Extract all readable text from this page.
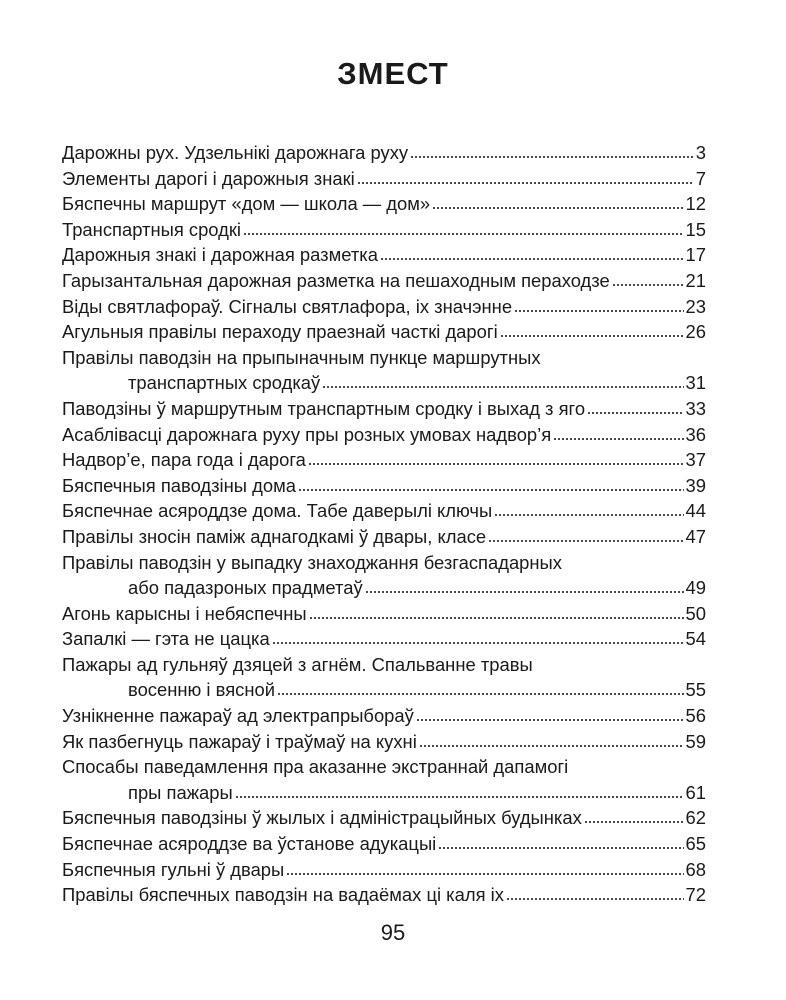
ЗМЕСТ
Дарожны рух. Удзельнікі дарожнага руху	3
Элементы дарогі і дарожныя знакі	7
Бяспечны маршрут «дом — школа — дом»	12
Транспартныя сродкі	15
Дарожныя знакі і дарожная разметка	17
Гарызантальная дарожная разметка на пешаходным пераходзе	21
Віды святлафораў. Сігналы святлафора, іх значэнне	23
Агульныя правілы пераходу праезнай часткі дарогі	26
Правілы паводзін на прыпыначным пункце маршрутных
транспартных сродкаў	31
Паводзіны ў маршрутным транспартным сродку і выхад з яго	33
Асаблівасці дарожнага руху пры розных умовах надвор’я	36
Надвор’е, пара года і дарога	37
Бяспечныя паводзіны дома	39
Бяспечнае асяроддзе дома. Табе даверылі ключы	44
Правілы зносін паміж аднагодкамі ў двары, класе	47
Правілы паводзін у выпадку знаходжання безгаспадарных
або падазроных прадметаў	49
Агонь карысны і небяспечны	50
Запалкі — гэта не цацка	54
Пажары ад гульняў дзяцей з агнём. Спальванне травы
восенню і вясной	55
Узнікненне пажараў ад электрапрыбораў	56
Як пазбегнуць пажараў і траўмаў на кухні	59
Спосабы паведамлення пра аказанне экстраннай дапамогі
пры пажары	61
Бяспечныя паводзіны ў жылых і адміністрацыйных будынках	62
Бяспечнае асяроддзе ва ўстанове адукацыі	65
Бяспечныя гульні ў двары	68
Правілы бяспечных паводзін на вадаёмах ці каля іх	72

95
